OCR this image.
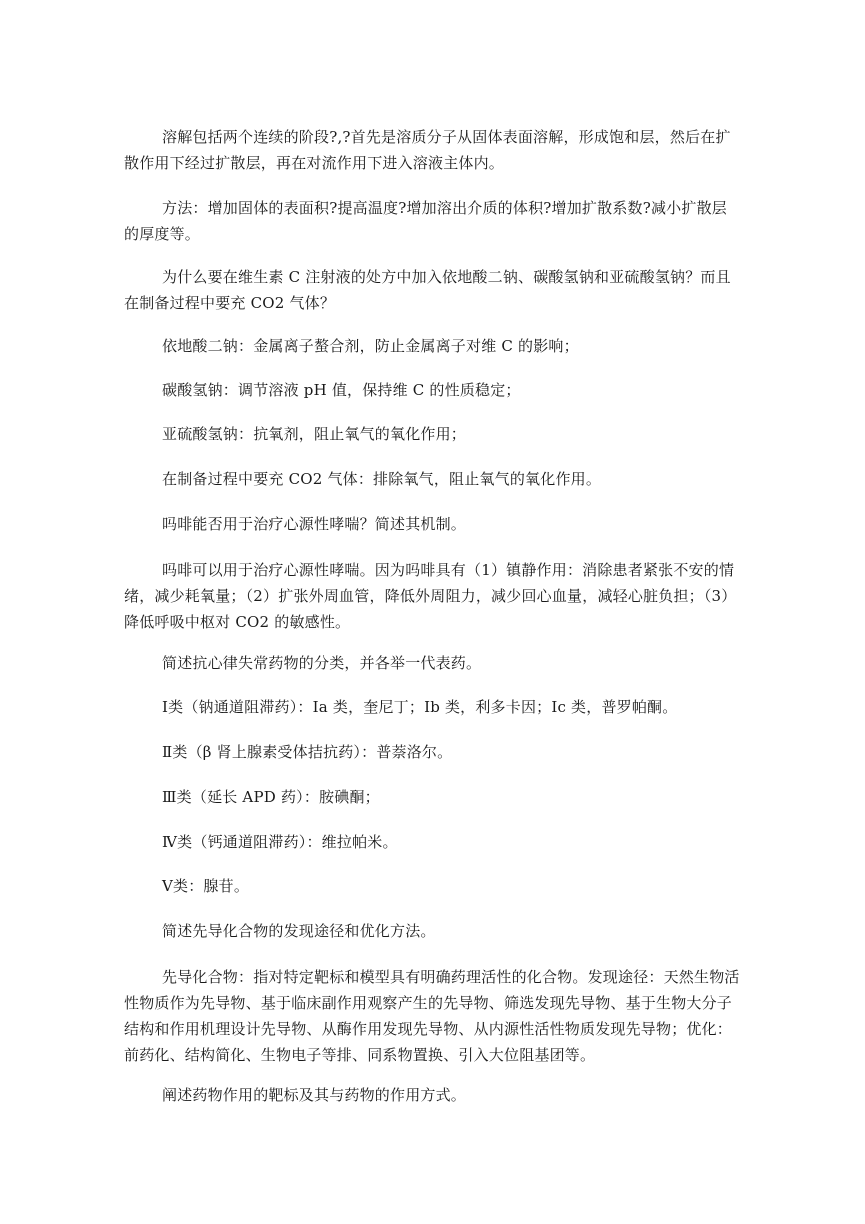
溶解包括两个连续的阶段?,?首先是溶质分子从固体表面溶解，形成饱和层，然后在扩散作用下经过扩散层，再在对流作用下进入溶液主体内。

方法：增加固体的表面积?提高温度?增加溶出介质的体积?增加扩散系数?减小扩散层的厚度等。

为什么要在维生素 C 注射液的处方中加入依地酸二钠、碳酸氢钠和亚硫酸氢钠？而且在制备过程中要充 CO2 气体？

依地酸二钠：金属离子螯合剂，防止金属离子对维 C 的影响；

碳酸氢钠：调节溶液 pH 值，保持维 C 的性质稳定；

亚硫酸氢钠：抗氧剂，阻止氧气的氧化作用；

在制备过程中要充 CO2 气体：排除氧气，阻止氧气的氧化作用。

吗啡能否用于治疗心源性哮喘？简述其机制。

吗啡可以用于治疗心源性哮喘。因为吗啡具有（1）镇静作用：消除患者紧张不安的情绪，减少耗氧量；（2）扩张外周血管，降低外周阻力，减少回心血量，减轻心脏负担；（3）降低呼吸中枢对 CO2 的敏感性。

简述抗心律失常药物的分类，并各举一代表药。

Ⅰ类（钠通道阻滞药）：Ⅰa 类，奎尼丁；Ⅰb 类，利多卡因；Ⅰc 类，普罗帕酮。

Ⅱ类（β 肾上腺素受体拮抗药）：普萘洛尔。

Ⅲ类（延长 APD 药）：胺碘酮；

Ⅳ类（钙通道阻滞药）：维拉帕米。

Ⅴ类：腺苷。

简述先导化合物的发现途径和优化方法。

先导化合物：指对特定靶标和模型具有明确药理活性的化合物。发现途径：天然生物活性物质作为先导物、基于临床副作用观察产生的先导物、筛选发现先导物、基于生物大分子结构和作用机理设计先导物、从酶作用发现先导物、从内源性活性物质发现先导物；优化：前药化、结构简化、生物电子等排、同系物置换、引入大位阻基团等。

阐述药物作用的靶标及其与药物的作用方式。
